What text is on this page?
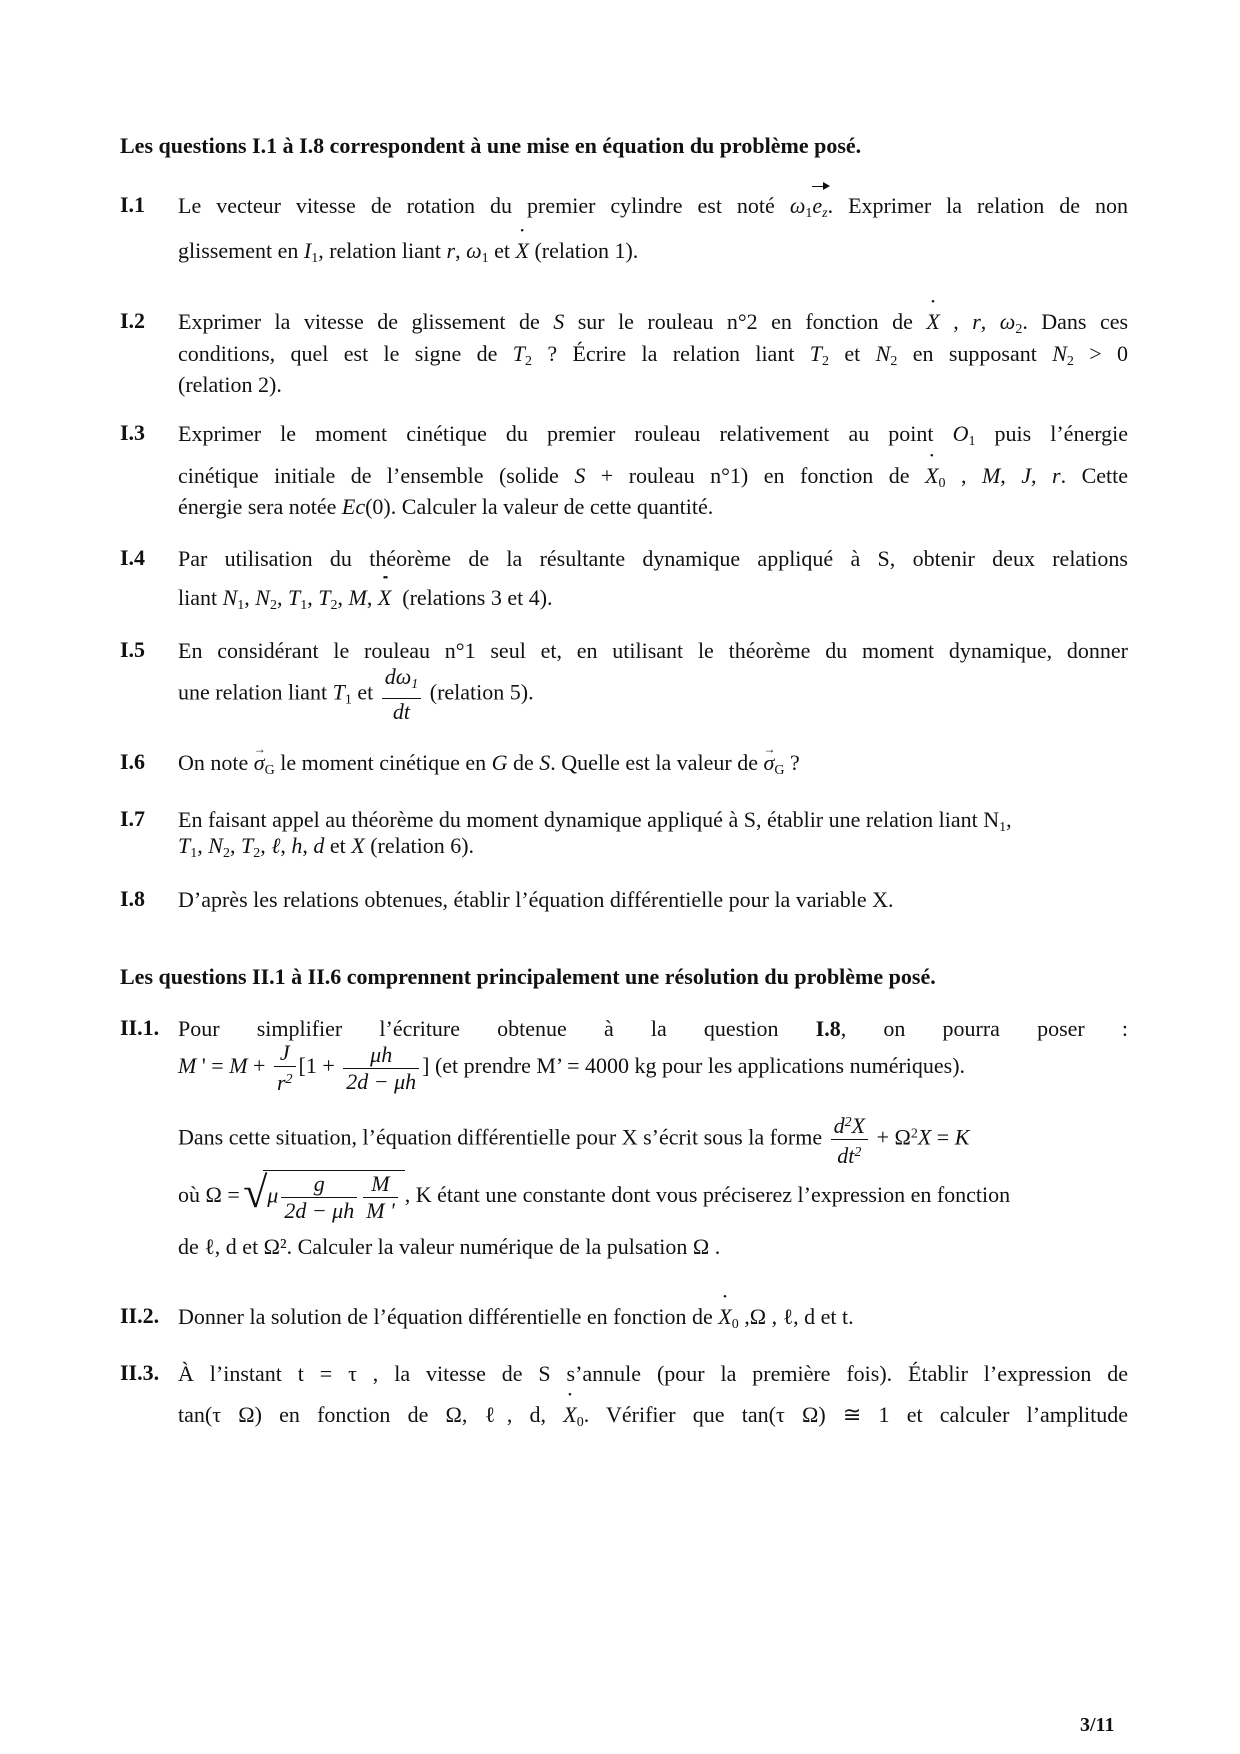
Les questions I.1 à I.8 correspondent à une mise en équation du problème posé.
I.1 Le vecteur vitesse de rotation du premier cylindre est noté $\omega_1e_z$. Exprimer la relation de non
glissement en $I_1$, relation liant r, $\omega_1$ et • X (relation 1).
I.2 Exprimer la vitesse de glissement de S sur le rouleau n°2 en fonction de • X , r, $\omega_2$. Dans ces
conditions, quel est le signe de $T_2$ ? Écrire la relation liant $T_2$ et $N_2$ en supposant $N_2 > 0$
(relation 2).
I.3 Exprimer le moment cinétique du premier rouleau relativement au point $O_1$ puis l’énergie
cinétique initiale de l’ensemble (solide S + rouleau n°1) en fonction de • $X_0$ , M, J, r. Cette
énergie sera notée Ec(0). Calculer la valeur de cette quantité.
I.4 Par utilisation du théorème de la résultante dynamique appliqué à S, obtenir deux relations
liant $N_1$, $N_2$, $T_1$, $T_2$, M, •• X (relations 3 et 4).
I.5 En considérant le rouleau n°1 seul et, en utilisant le théorème du moment dynamique, donner
une relation liant $T_1$ et $\frac{d\omega_1}{dt}$ (relation 5).
I.6 On note → $\sigma_G$ le moment cinétique en G de S. Quelle est la valeur de → $\sigma_G$ ?
I.7 En faisant appel au théorème du moment dynamique appliqué à S, établir une relation liant $N_1$,
$T_1$, $N_2$, $T_2$, ℓ, h, d et X (relation 6).
I.8 D’après les relations obtenues, établir l’équation différentielle pour la variable X.
Les questions II.1 à II.6 comprennent principalement une résolution du problème posé.
II.1. Pour simplifier l’écriture obtenue à la question I.8, on pourra poser :
M ' = $M + \frac{J}{r^2} [1 + \frac{\mu h}{2d - \mu h}$ ] (et prendre M’ = 4000 kg pour les applications numériques).
Dans cette situation, l’équation différentielle pour X s’écrit sous la forme $\frac{d^2X}{dt^2} + \Omega^2X = K$
où Ω = √ μ $\frac{g}{2d - \mu h} \frac{M}{M '}$ , K étant une constante dont vous préciserez l’expression en fonction
de ℓ, d et Ω². Calculer la valeur numérique de la pulsation Ω .
II.2. Donner la solution de l’équation différentielle en fonction de • $X_0$ ,Ω , ℓ, d et t.
II.3. À l’instant t = τ , la vitesse de S s’annule (pour la première fois). Établir l’expression de
tan(τ Ω) en fonction de Ω, ℓ, d, • $X_0$. Vérifier que tan(τ Ω) ≅ 1 et calculer l’amplitude
3/11
